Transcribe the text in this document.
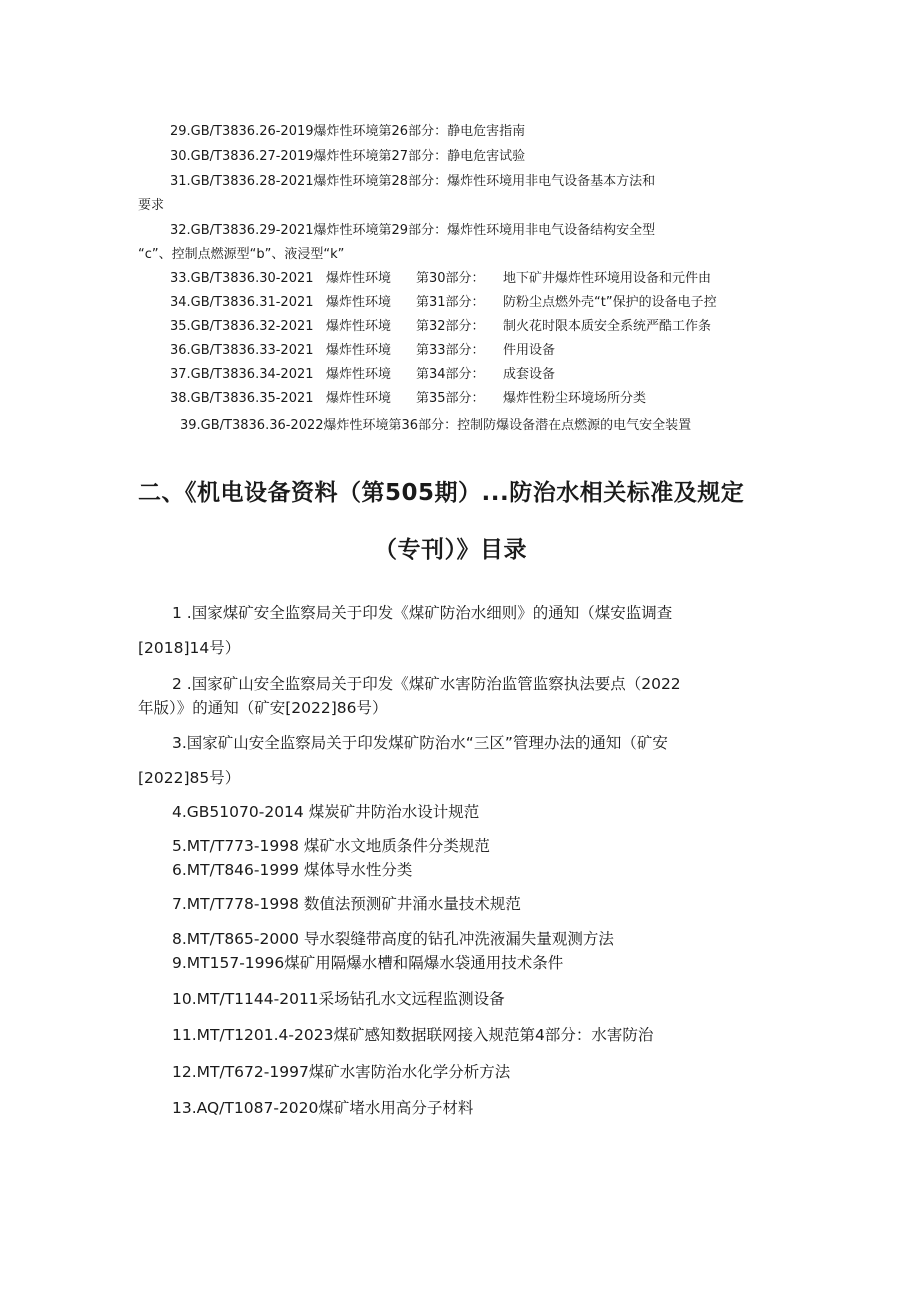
29.GB/T3836.26-2019爆炸性环境第26部分：静电危害指南
30.GB/T3836.27-2019爆炸性环境第27部分：静电危害试验
31.GB/T3836.28-2021爆炸性环境第28部分：爆炸性环境用非电气设备基本方法和
要求
32.GB/T3836.29-2021爆炸性环境第29部分：爆炸性环境用非电气设备结构安全型
“c”、控制点燃源型“b”、液浸型“k”
33.GB/T3836.30-2021 爆炸性环境 第30部分： 地下矿井爆炸性环境用设备和元件由
34.GB/T3836.31-2021 爆炸性环境 第31部分： 防粉尘点燃外壳“t”保护的设备电子控
35.GB/T3836.32-2021 爆炸性环境 第32部分： 制火花时限本质安全系统严酷工作条
36.GB/T3836.33-2021 爆炸性环境 第33部分： 件用设备
37.GB/T3836.34-2021 爆炸性环境 第34部分： 成套设备
38.GB/T3836.35-2021 爆炸性环境 第35部分： 爆炸性粉尘环境场所分类
39.GB/T3836.36-2022爆炸性环境第36部分：控制防爆设备潜在点燃源的电气安全装置
二、《机电设备资料（第505期）...防治水相关标准及规定
（专刊）》目录
1 .国家煤矿安全监察局关于印发《煤矿防治水细则》的通知（煤安监调查
[2018]14号）
2 .国家矿山安全监察局关于印发《煤矿水害防治监管监察执法要点（2022
年版）》的通知（矿安[2022]86号）
3.国家矿山安全监察局关于印发煤矿防治水“三区”管理办法的通知（矿安
[2022]85号）
4.GB51070-2014 煤炭矿井防治水设计规范
5.MT/T773-1998 煤矿水文地质条件分类规范
6.MT/T846-1999 煤体导水性分类
7.MT/T778-1998 数值法预测矿井涌水量技术规范
8.MT/T865-2000 导水裂缝带高度的钻孔冲洗液漏失量观测方法
9.MT157-1996煤矿用隔爆水槽和隔爆水袋通用技术条件
10.MT/T1144-2011采场钻孔水文远程监测设备
11.MT/T1201.4-2023煤矿感知数据联网接入规范第4部分：水害防治
12.MT/T672-1997煤矿水害防治水化学分析方法
13.AQ/T1087-2020煤矿堵水用高分子材料
